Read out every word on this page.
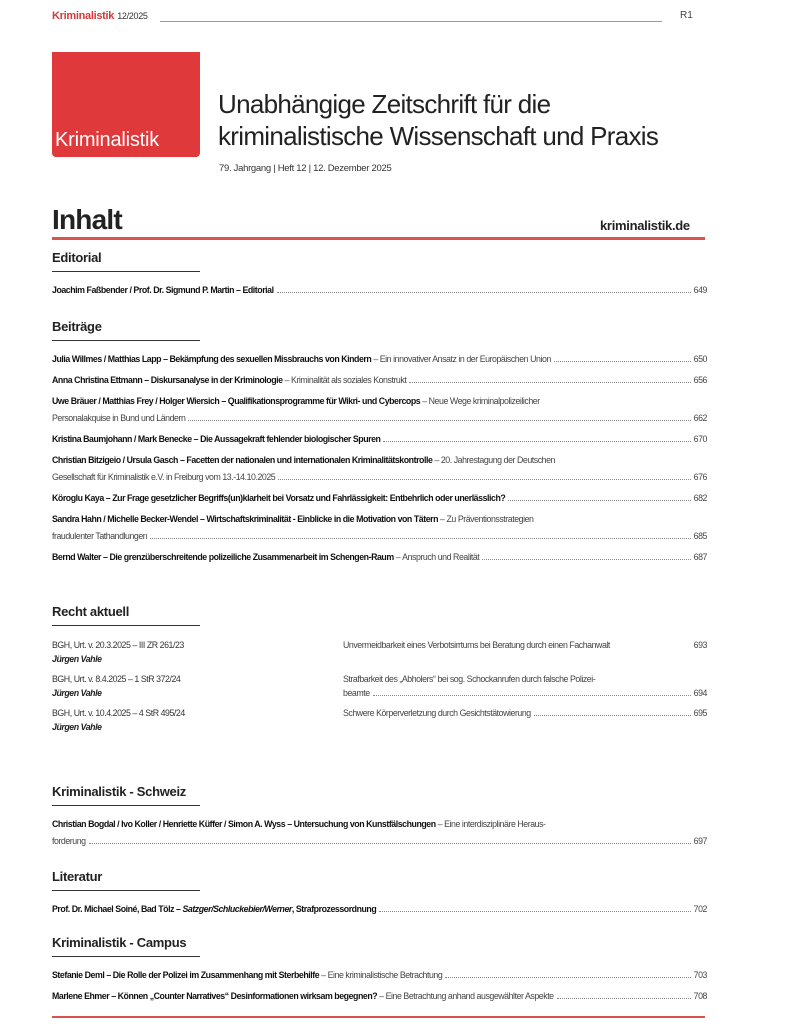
Kriminalistik 12/2025	R1
Kriminalistik
Unabhängige Zeitschrift für die
kriminalistische Wissenschaft und Praxis
79. Jahrgang | Heft 12 | 12. Dezember 2025
Inhalt	kriminalistik.de
Editorial
Joachim Faßbender / Prof. Dr. Sigmund P. Martin – Editorial	649
Beiträge
Julia Willmes / Matthias Lapp – Bekämpfung des sexuellen Missbrauchs von Kindern – Ein innovativer Ansatz in der Europäischen Union	650
Anna Christina Ettmann – Diskursanalyse in der Kriminologie – Kriminalität als soziales Konstrukt	656
Uwe Bräuer / Matthias Frey / Holger Wiersich – Qualifikationsprogramme für Wikri- und Cybercops – Neue Wege kriminalpolizeilicher
Personalakquise in Bund und Ländern	662
Kristina Baumjohann / Mark Benecke – Die Aussagekraft fehlender biologischer Spuren	670
Christian Bitzigeio / Ursula Gasch – Facetten der nationalen und internationalen Kriminalitätskontrolle – 20. Jahrestagung der Deutschen
Gesellschaft für Kriminalistik e.V. in Freiburg vom 13.-14.10.2025	676
Köroglu Kaya – Zur Frage gesetzlicher Begriffs(un)klarheit bei Vorsatz und Fahrlässigkeit: Entbehrlich oder unerlässlich?	682
Sandra Hahn / Michelle Becker-Wendel – Wirtschaftskriminalität - Einblicke in die Motivation von Tätern – Zu Präventionsstrategien
fraudulenter Tathandlungen	685
Bernd Walter – Die grenzüberschreitende polizeiliche Zusammenarbeit im Schengen-Raum – Anspruch und Realität	687
Recht aktuell
BGH, Urt. v. 20.3.2025 – III ZR 261/23
Jürgen Vahle
Unvermeidbarkeit eines Verbotsirrtums bei Beratung durch einen Fachanwalt	693
BGH, Urt. v. 8.4.2025 – 1 StR 372/24
Jürgen Vahle
Strafbarkeit des „Abholers“ bei sog. Schockanrufen durch falsche Polizei-
beamte	694
BGH, Urt. v. 10.4.2025 – 4 StR 495/24
Jürgen Vahle
Schwere Körperverletzung durch Gesichtstätowierung	695
Kriminalistik - Schweiz
Christian Bogdal / Ivo Koller / Henriette Küffer / Simon A. Wyss – Untersuchung von Kunstfälschungen – Eine interdisziplinäre Heraus-
forderung	697
Literatur
Prof. Dr. Michael Soiné, Bad Tölz – Satzger/Schluckebier/Werner , Strafprozessordnung	702
Kriminalistik - Campus
Stefanie Deml – Die Rolle der Polizei im Zusammenhang mit Sterbehilfe – Eine kriminalistische Betrachtung	703
Marlene Ehmer – Können „Counter Narratives“ Desinformationen wirksam begegnen? – Eine Betrachtung anhand ausgewählter Aspekte	708
